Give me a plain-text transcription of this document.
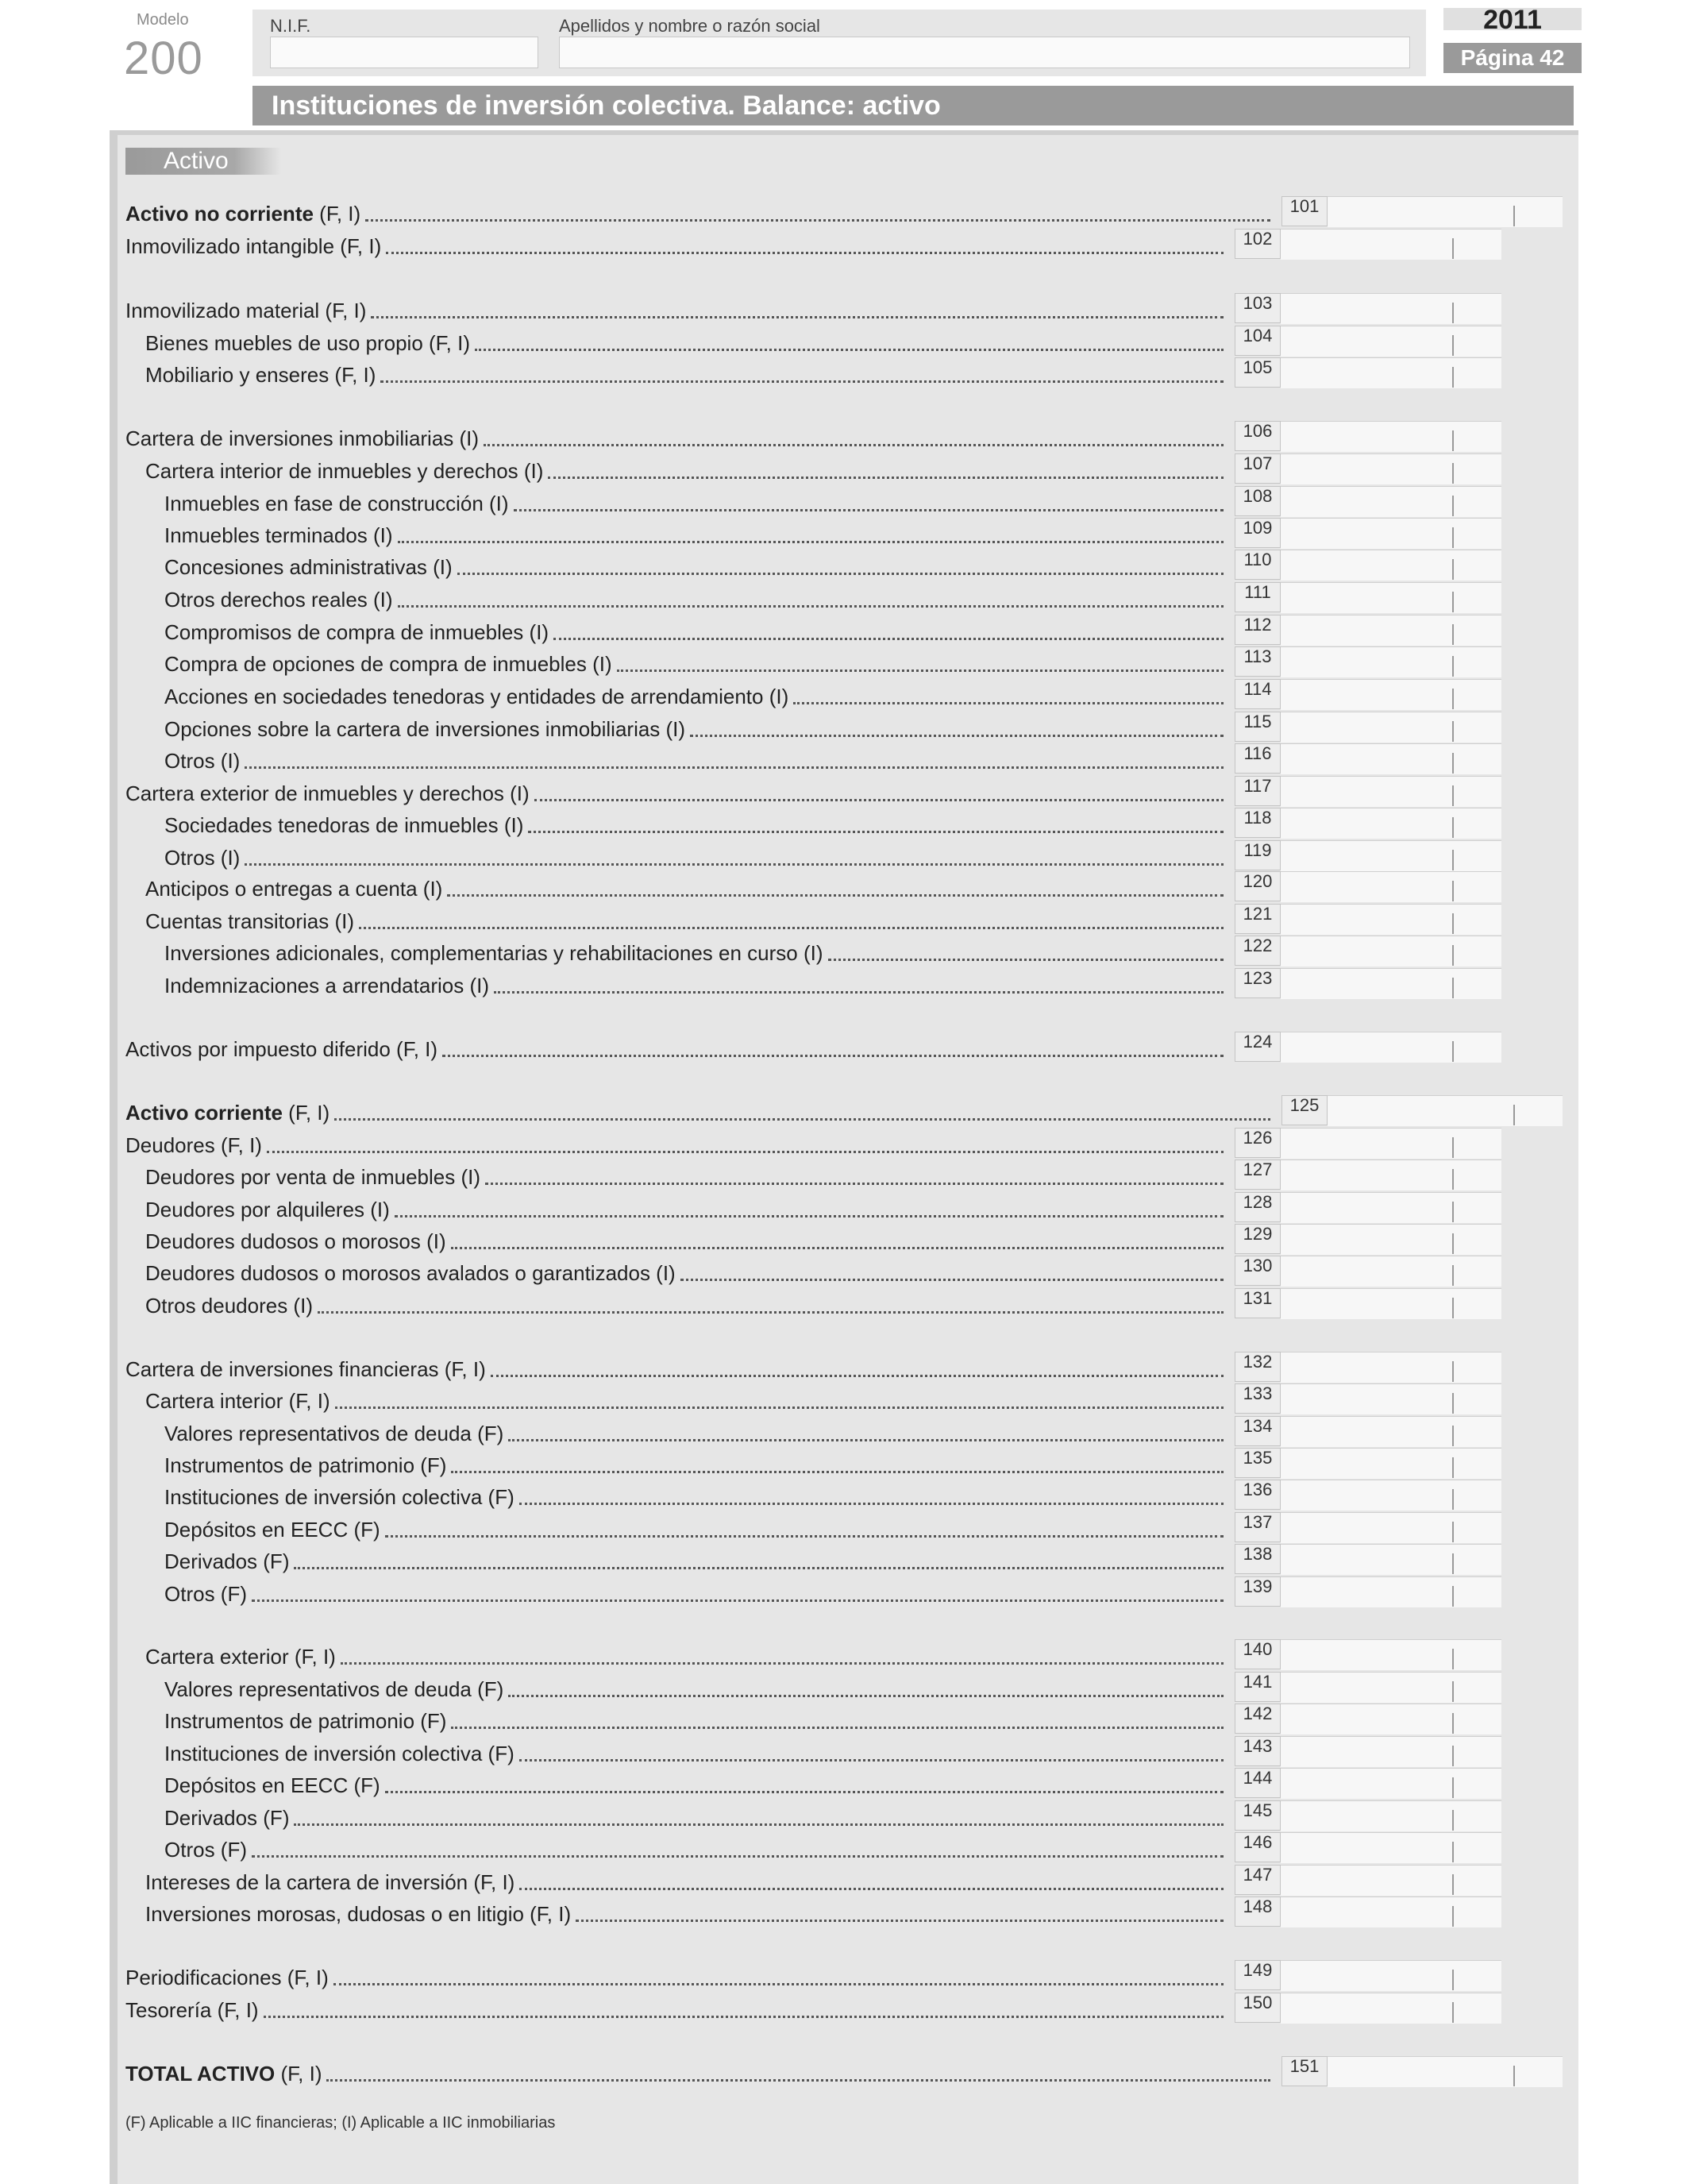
Modelo
200
N.I.F.	Apellidos y nombre o razón social	2011
Página 42
Instituciones de inversión colectiva. Balance: activo
Activo
Activo no corriente (F, I)	101
Inmovilizado intangible (F, I)	102
Inmovilizado material (F, I)	103
Bienes muebles de uso propio (F, I)	104
Mobiliario y enseres (F, I)	105
Cartera de inversiones inmobiliarias (I)	106
Cartera interior de inmuebles y derechos (I)	107
Inmuebles en fase de construcción (I)	108
Inmuebles terminados (I)	109
Concesiones administrativas (I)	110
Otros derechos reales (I)	111
Compromisos de compra de inmuebles (I)	112
Compra de opciones de compra de inmuebles (I)	113
Acciones en sociedades tenedoras y entidades de arrendamiento (I)	114
Opciones sobre la cartera de inversiones inmobiliarias (I)	115
Otros (I)	116
Cartera exterior de inmuebles y derechos (I)	117
Sociedades tenedoras de inmuebles (I)	118
Otros (I)	119
Anticipos o entregas a cuenta (I)	120
Cuentas transitorias (I)	121
Inversiones adicionales, complementarias y rehabilitaciones en curso (I)	122
Indemnizaciones a arrendatarios (I)	123
Activos por impuesto diferido (F, I)	124
Activo corriente (F, I)	125
Deudores (F, I)	126
Deudores por venta de inmuebles (I)	127
Deudores por alquileres (I)	128
Deudores dudosos o morosos (I)	129
Deudores dudosos o morosos avalados o garantizados (I)	130
Otros deudores (I)	131
Cartera de inversiones financieras (F, I)	132
Cartera interior (F, I)	133
Valores representativos de deuda (F)	134
Instrumentos de patrimonio (F)	135
Instituciones de inversión colectiva (F)	136
Depósitos en EECC (F)	137
Derivados (F)	138
Otros (F)	139
Cartera exterior (F, I)	140
Valores representativos de deuda (F)	141
Instrumentos de patrimonio (F)	142
Instituciones de inversión colectiva (F)	143
Depósitos en EECC (F)	144
Derivados (F)	145
Otros (F)	146
Intereses de la cartera de inversión (F, I)	147
Inversiones morosas, dudosas o en litigio (F, I)	148
Periodificaciones (F, I)	149
Tesorería (F, I)	150
TOTAL ACTIVO (F, I)	151
(F) Aplicable a IIC financieras; (I) Aplicable a IIC inmobiliarias
